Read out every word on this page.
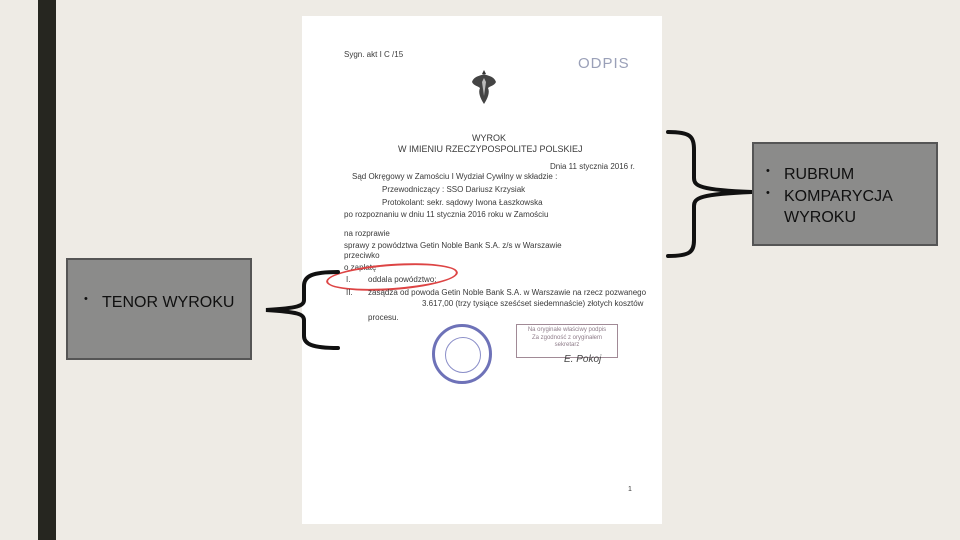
Sygn. akt I C /15
ODPIS
WYROK
W IMIENIU RZECZYPOSPOLITEJ POLSKIEJ
Dnia 11 stycznia 2016 r.
Sąd Okręgowy w Zamościu I Wydział Cywilny w składzie :
Przewodniczący : SSO Dariusz Krzysiak
Protokolant: sekr. sądowy Iwona Łaszkowska
po rozpoznaniu w dniu 11 stycznia 2016 roku w Zamościu
na rozprawie
sprawy z powództwa Getin Noble Bank S.A. z/s w Warszawie
przeciwko
o zapłatę
I. oddala powództwo;
II. zasądza od powoda Getin Noble Bank S.A. w Warszawie na rzecz pozwanego
3.617,00 (trzy tysiące sześćset siedemnaście) złotych kosztów
procesu.
Na oryginale właściwy podpis
Za zgodność z oryginałem
sekretarz
E. Pokoj
1
• RUBRUM
• KOMPARYCJA WYROKU
• TENOR WYROKU
